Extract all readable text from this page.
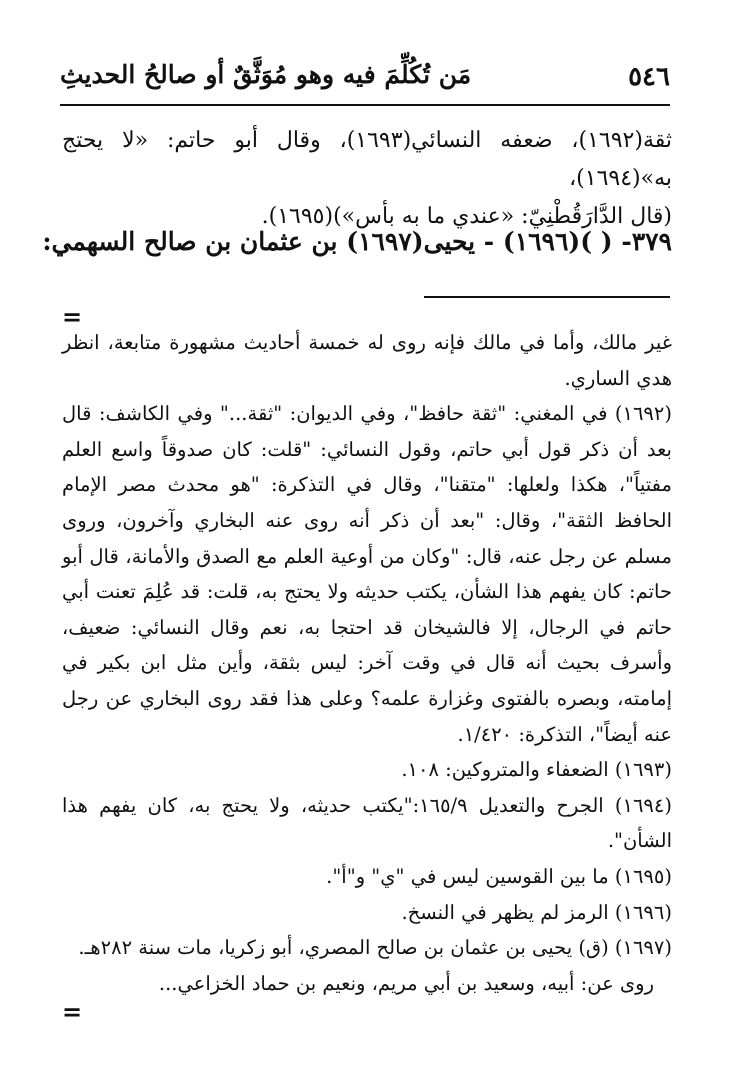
٥٤٦
مَن تُكُلِّمَ فيه وهو مُوَثَّقٌ أو صالحُ الحديثِ

ثقة(١٦٩٢)، ضعفه النسائي(١٦٩٣)، وقال أبو حاتم: «لا يحتج به»(١٦٩٤)،

(قال الدَّارَقُطْنِيّ: «عندي ما به بأس»)(١٦٩٥).

٣٧٩- ( )(١٦٩٦) - يحيى(١٦٩٧) بن عثمان بن صالح السهمي:
=

غير مالك، وأما في مالك فإنه روى له خمسة أحاديث مشهورة متابعة، انظر هدي الساري.

(١٦٩٢) في المغني: "ثقة حافظ"، وفي الديوان: "ثقة..." وفي الكاشف: قال بعد أن ذكر قول أبي حاتم، وقول النسائي: "قلت: كان صدوقاً واسع العلم مفتياً"، هكذا ولعلها: "متقنا"، وقال في التذكرة: "هو محدث مصر الإمام الحافظ الثقة"، وقال: "بعد أن ذكر أنه روى عنه البخاري وآخرون، وروى مسلم عن رجل عنه، قال: "وكان من أوعية العلم مع الصدق والأمانة، قال أبو حاتم: كان يفهم هذا الشأن، يكتب حديثه ولا يحتج به، قلت: قد عُلِمَ تعنت أبي حاتم في الرجال، إلا فالشيخان قد احتجا به، نعم وقال النسائي: ضعيف، وأسرف بحيث أنه قال في وقت آخر: ليس بثقة، وأين مثل ابن بكير في إمامته، وبصره بالفتوى وغزارة علمه؟ وعلى هذا فقد روى البخاري عن رجل عنه أيضاً"، التذكرة: ١/٤٢٠.

(١٦٩٣) الضعفاء والمتروكين: ١٠٨.

(١٦٩٤) الجرح والتعديل ١٦٥/٩:"يكتب حديثه، ولا يحتج به، كان يفهم هذا الشأن".

(١٦٩٥) ما بين القوسين ليس في "ي" و"أ".

(١٦٩٦) الرمز لم يظهر في النسخ.

(١٦٩٧) (ق) يحيى بن عثمان بن صالح المصري، أبو زكريا، مات سنة ٢٨٢هـ.

روى عن: أبيه، وسعيد بن أبي مريم، ونعيم بن حماد الخزاعي...

=
